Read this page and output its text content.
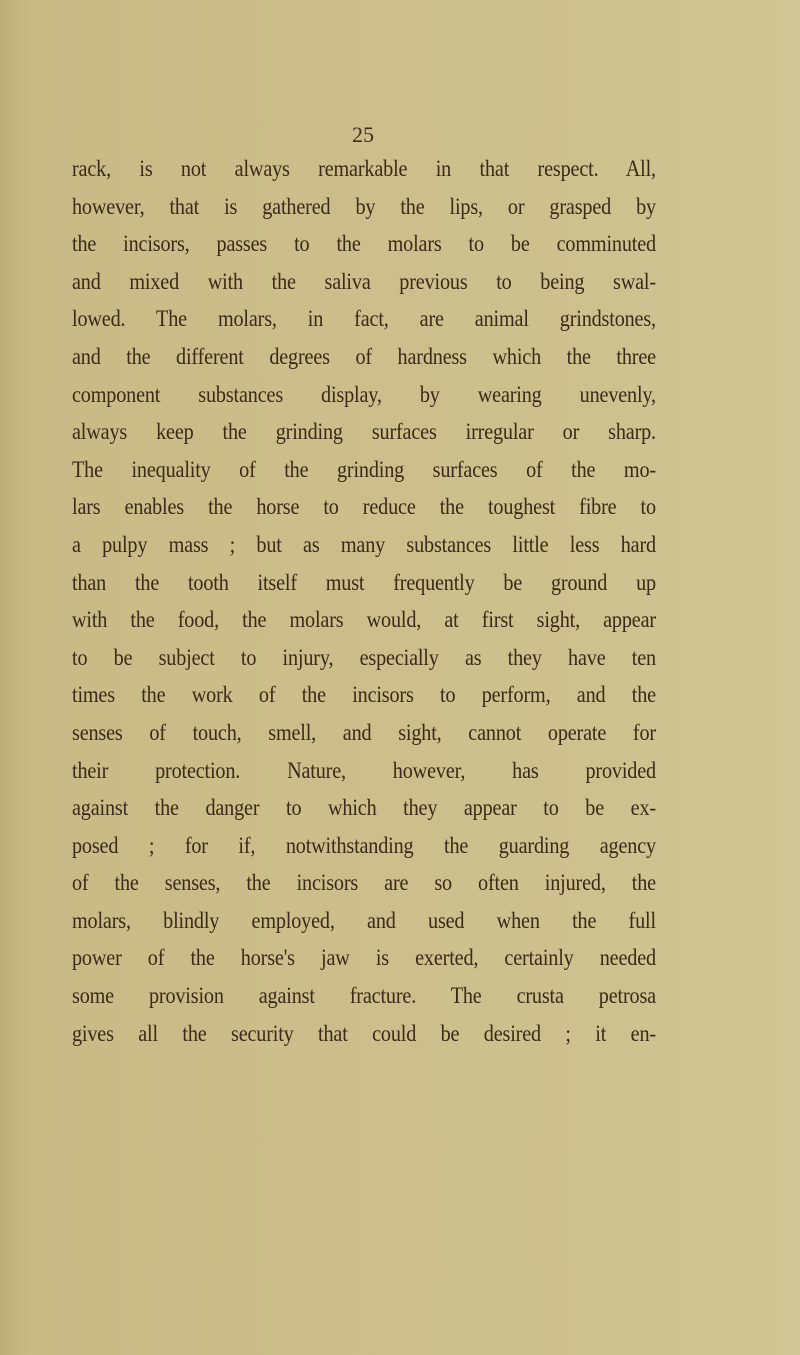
25
rack, is not always remarkable in that respect. All,
however, that is gathered by the lips, or grasped by
the incisors, passes to the molars to be comminuted
and mixed with the saliva previous to being swal-
lowed. The molars, in fact, are animal grindstones,
and the different degrees of hardness which the three
component substances display, by wearing unevenly,
always keep the grinding surfaces irregular or sharp.
The inequality of the grinding surfaces of the mo-
lars enables the horse to reduce the toughest fibre to
a pulpy mass ; but as many substances little less hard
than the tooth itself must frequently be ground up
with the food, the molars would, at first sight, appear
to be subject to injury, especially as they have ten
times the work of the incisors to perform, and the
senses of touch, smell, and sight, cannot operate for
their protection. Nature, however, has provided
against the danger to which they appear to be ex-
posed ; for if, notwithstanding the guarding agency
of the senses, the incisors are so often injured, the
molars, blindly employed, and used when the full
power of the horse's jaw is exerted, certainly needed
some provision against fracture. The crusta petrosa
gives all the security that could be desired ; it en-
